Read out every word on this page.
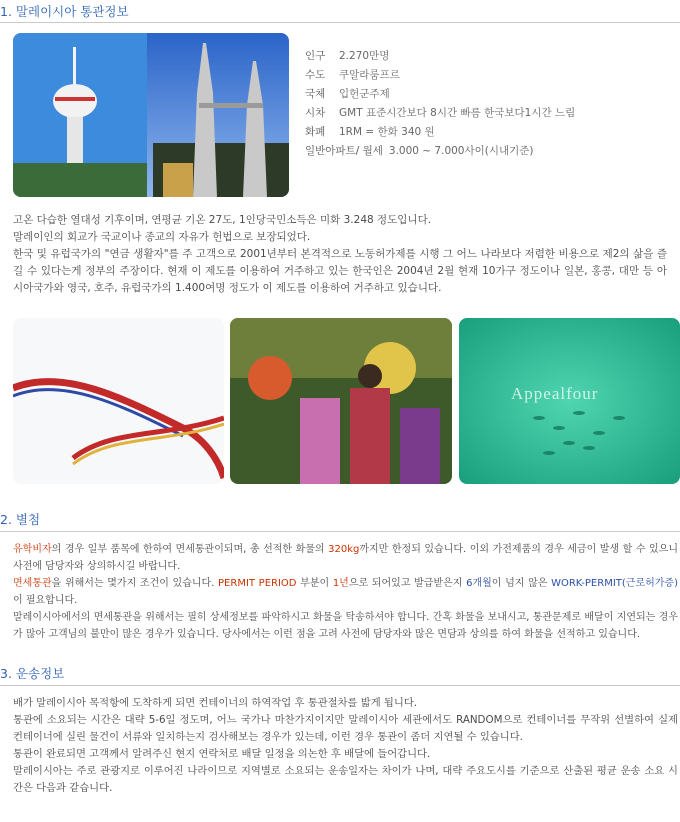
1. 말레이시아 통관정보
인구	2.270만명
수도	쿠알라룸프르
국체	입헌군주제
시차	GMT 표준시간보다 8시간 빠름 한국보다1시간 느림
화폐	1RM = 한화 340 원
일반아파트/ 월세 3.000 ~ 7.000사이(시내기준)

고온 다습한 열대성 기후이며, 연평균 기온 27도, 1인당국민소득은 미화 3.248 정도입니다.

말레이인의 회교가 국교이나 종교의 자유가 헌법으로 보장되었다.

한국 및 유럽국가의 "연금 생활자"를 주 고객으로 2001년부터 본격적으로 노동허가제를 시행 그 어느 나라보다 저렴한 비용으로 제2의 삶을 즐길 수 있다는게 정부의 주장이다. 현재 이 제도를 이용하여 거주하고 있는 한국인은 2004년 2월 현재 10가구 정도이나 일본, 홍콩, 대만 등 아시아국가와 영국, 호주, 유럽국가의 1.400여명 정도가 이 제도를 이용하여 거주하고 있습니다.

Appealfour
2. 별첨

유학비자의 경우 일부 품목에 한하여 면세통관이되며, 총 선적한 화물의 320kg까지만 한정되 있습니다. 이외 가전제품의 경우 세금이 발생 할 수 있으니 사전에 담당자와 상의하시길 바랍니다.

면세통관을 위해서는 몇가지 조건이 있습니다. PERMIT PERIOD 부분이 1년으로 되어있고 발급받은지 6개월이 넘지 않은 WORK-PERMIT(근로허가증)이 필요합니다.

말레이시아에서의 면세통관을 위해서는 필히 상세정보를 파악하시고 화물을 탁송하셔야 합니다. 간혹 화물을 보내시고, 통관문제로 배달이 지연되는 경우가 많아 고객님의 불만이 많은 경우가 있습니다. 당사에서는 이런 점을 고려 사전에 담당자와 많은 면담과 상의를 하여 화물을 선적하고 있습니다.

3. 운송정보

배가 말레이시아 목적항에 도착하게 되면 컨테이너의 하역작업 후 통관절차를 밟게 됩니다.

통관에 소요되는 시간은 대략 5-6일 정도며, 어느 국가나 마찬가지이지만 말레이시아 세관에서도 RANDOM으로 컨테이너를 무작위 선별하여 실제 컨테이너에 실린 물건이 서류와 일치하는지 검사해보는 경우가 있는데, 이런 경우 통관이 좀더 지연될 수 있습니다.

통관이 완료되면 고객께서 알려주신 현지 연락처로 배달 일정을 의논한 후 배달에 들어갑니다.

말레이시아는 주로 관광지로 이루어진 나라이므로 지역별로 소요되는 운송일자는 차이가 나며, 대략 주요도시를 기준으로 산출된 평균 운송 소요 시간은 다음과 같습니다.
